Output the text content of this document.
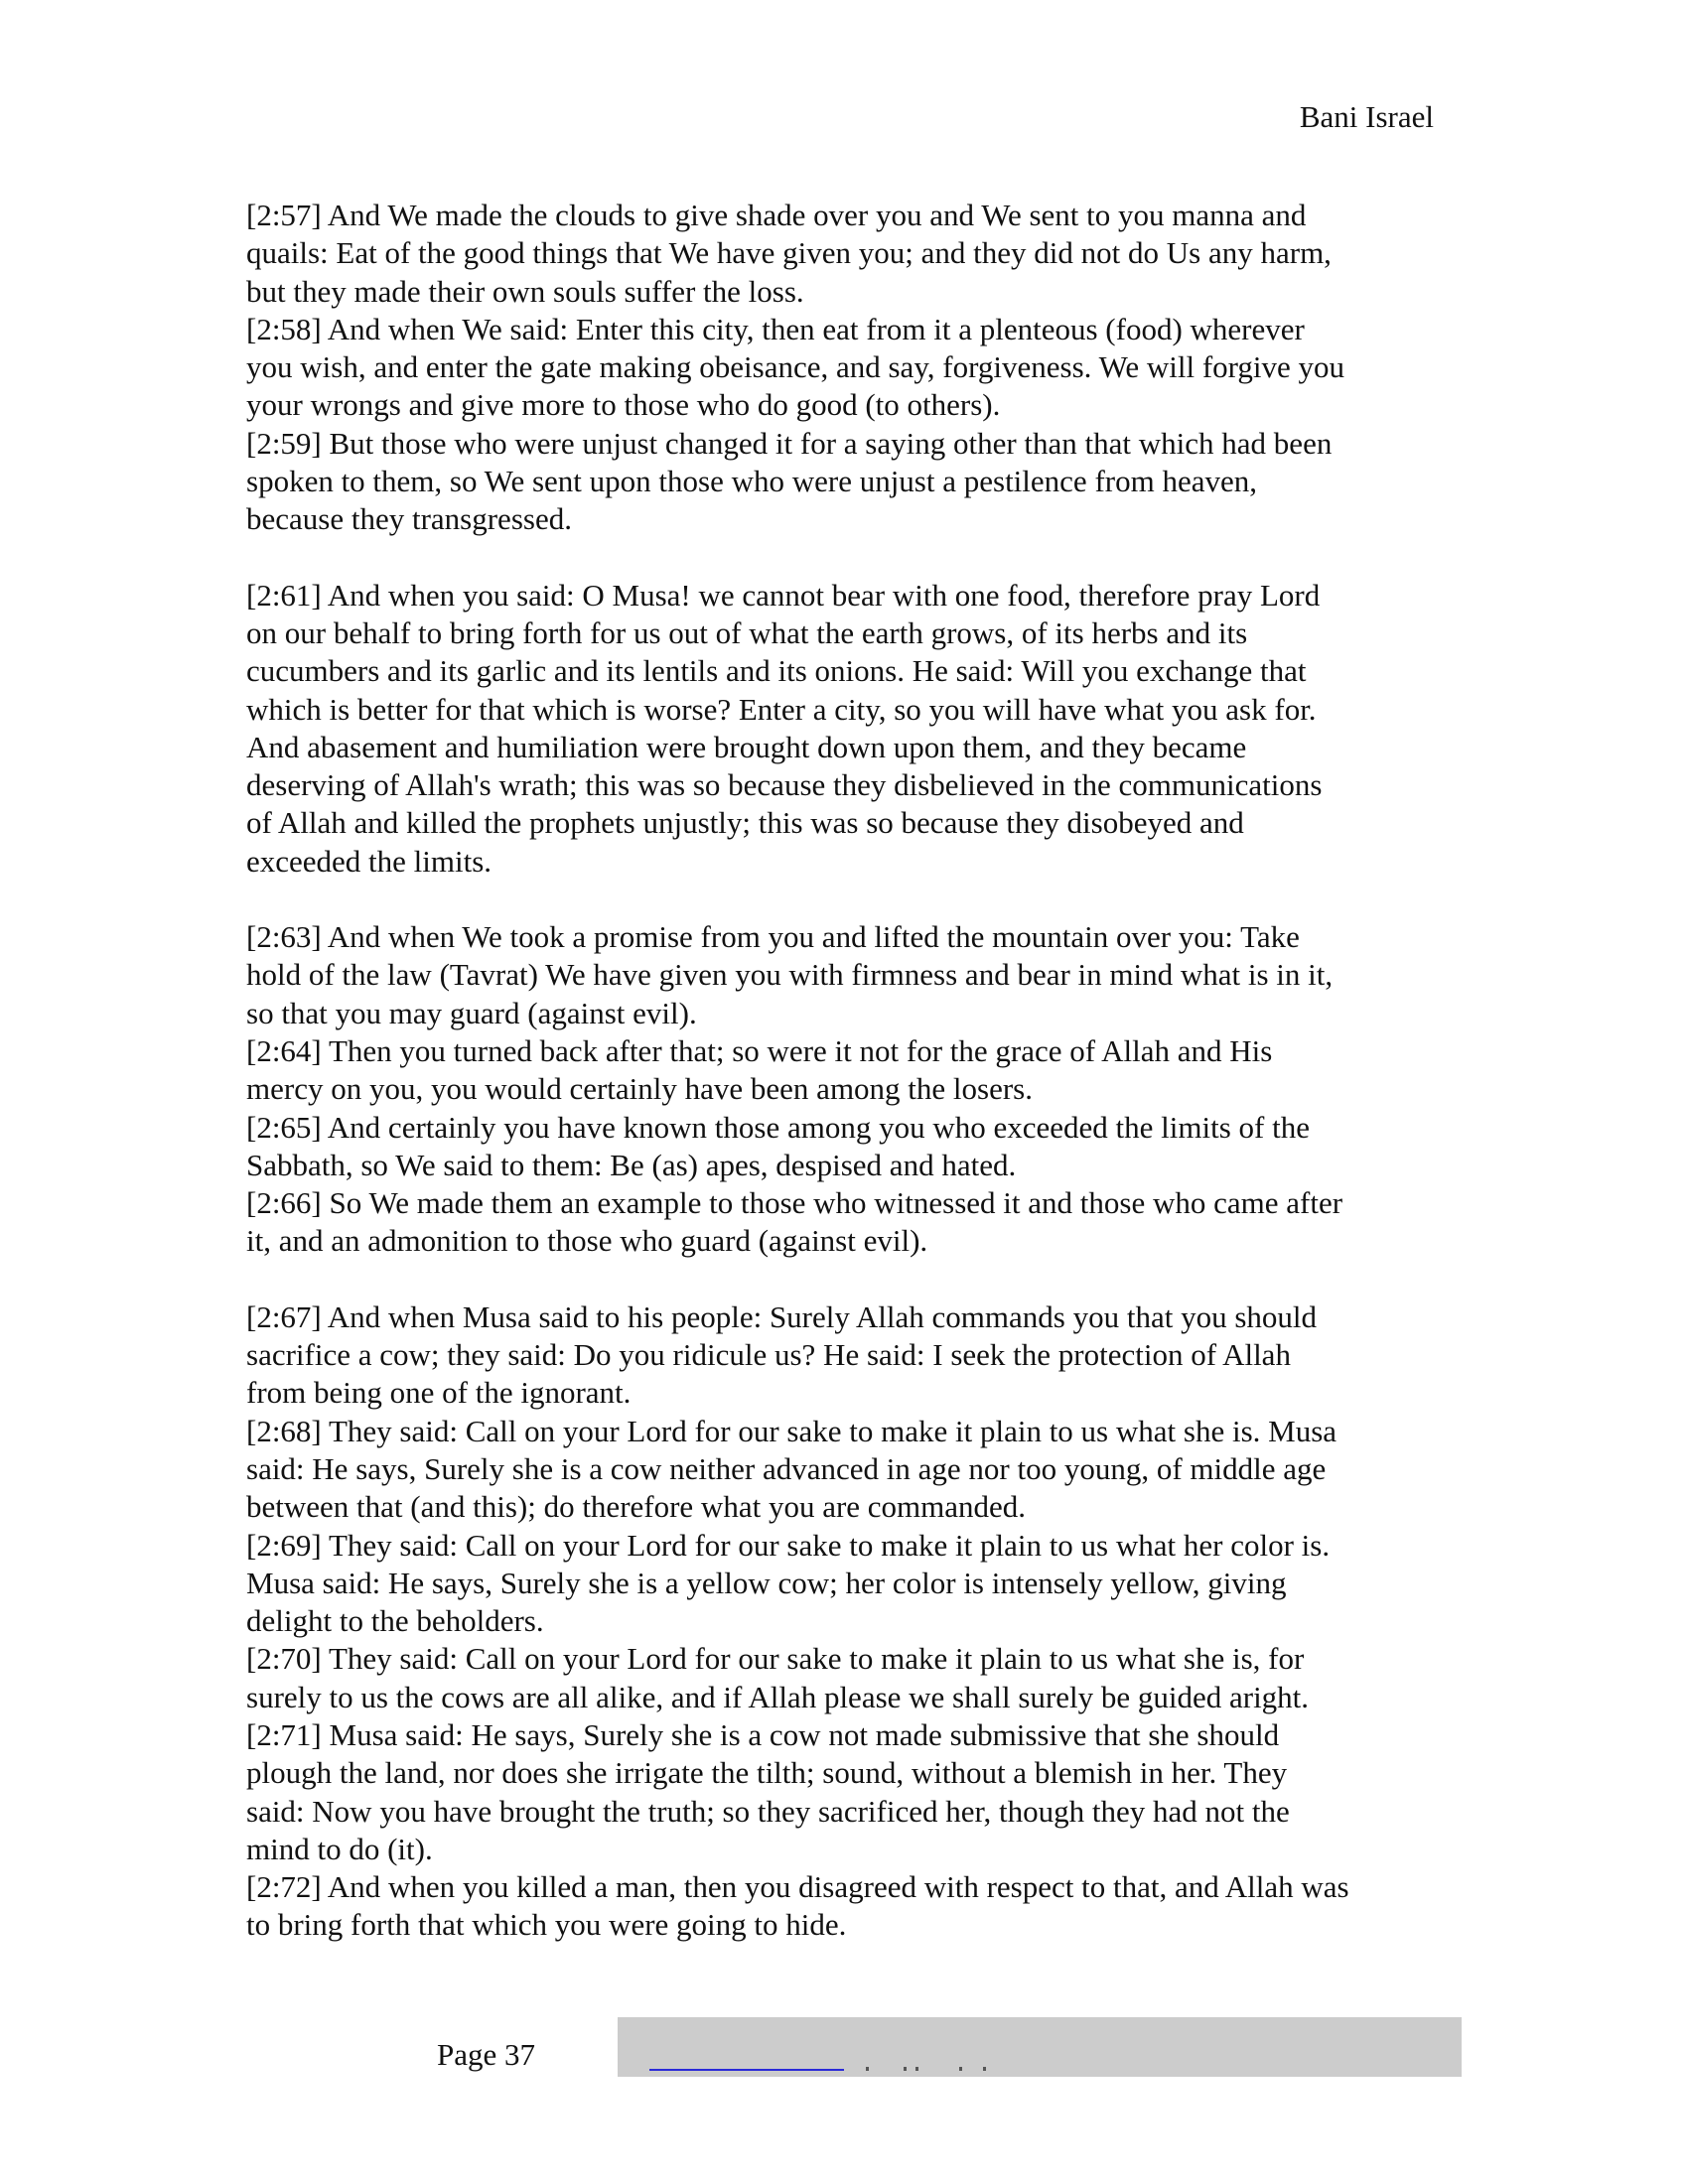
Bani Israel
[2:57] And We made the clouds to give shade over you and We sent to you manna and
quails: Eat of the good things that We have given you; and they did not do Us any harm,
but they made their own souls suffer the loss.
[2:58] And when We said: Enter this city, then eat from it a plenteous (food) wherever
you wish, and enter the gate making obeisance, and say, forgiveness. We will forgive you
your wrongs and give more to those who do good (to others).
[2:59] But those who were unjust changed it for a saying other than that which had been
spoken to them, so We sent upon those who were unjust a pestilence from heaven,
because they transgressed.
[2:61] And when you said: O Musa! we cannot bear with one food, therefore pray Lord
on our behalf to bring forth for us out of what the earth grows, of its herbs and its
cucumbers and its garlic and its lentils and its onions. He said: Will you exchange that
which is better for that which is worse? Enter a city, so you will have what you ask for.
And abasement and humiliation were brought down upon them, and they became
deserving of Allah's wrath; this was so because they disbelieved in the communications
of Allah and killed the prophets unjustly; this was so because they disobeyed and
exceeded the limits.
[2:63] And when We took a promise from you and lifted the mountain over you: Take
hold of the law (Tavrat) We have given you with firmness and bear in mind what is in it,
so that you may guard (against evil).
[2:64] Then you turned back after that; so were it not for the grace of Allah and His
mercy on you, you would certainly have been among the losers.
[2:65] And certainly you have known those among you who exceeded the limits of the
Sabbath, so We said to them: Be (as) apes, despised and hated.
[2:66] So We made them an example to those who witnessed it and those who came after
it, and an admonition to those who guard (against evil).
[2:67] And when Musa said to his people: Surely Allah commands you that you should
sacrifice a cow; they said: Do you ridicule us? He said: I seek the protection of Allah
from being one of the ignorant.
[2:68] They said: Call on your Lord for our sake to make it plain to us what she is. Musa
said: He says, Surely she is a cow neither advanced in age nor too young, of middle age
between that (and this); do therefore what you are commanded.
[2:69] They said: Call on your Lord for our sake to make it plain to us what her color is.
Musa said: He says, Surely she is a yellow cow; her color is intensely yellow, giving
delight to the beholders.
[2:70] They said: Call on your Lord for our sake to make it plain to us what she is, for
surely to us the cows are all alike, and if Allah please we shall surely be guided aright.
[2:71] Musa said: He says, Surely she is a cow not made submissive that she should
plough the land, nor does she irrigate the tilth; sound, without a blemish in her. They
said: Now you have brought the truth; so they sacrificed her, though they had not the
mind to do (it).
[2:72] And when you killed a man, then you disagreed with respect to that, and Allah was
to bring forth that which you were going to hide.
Page 37
